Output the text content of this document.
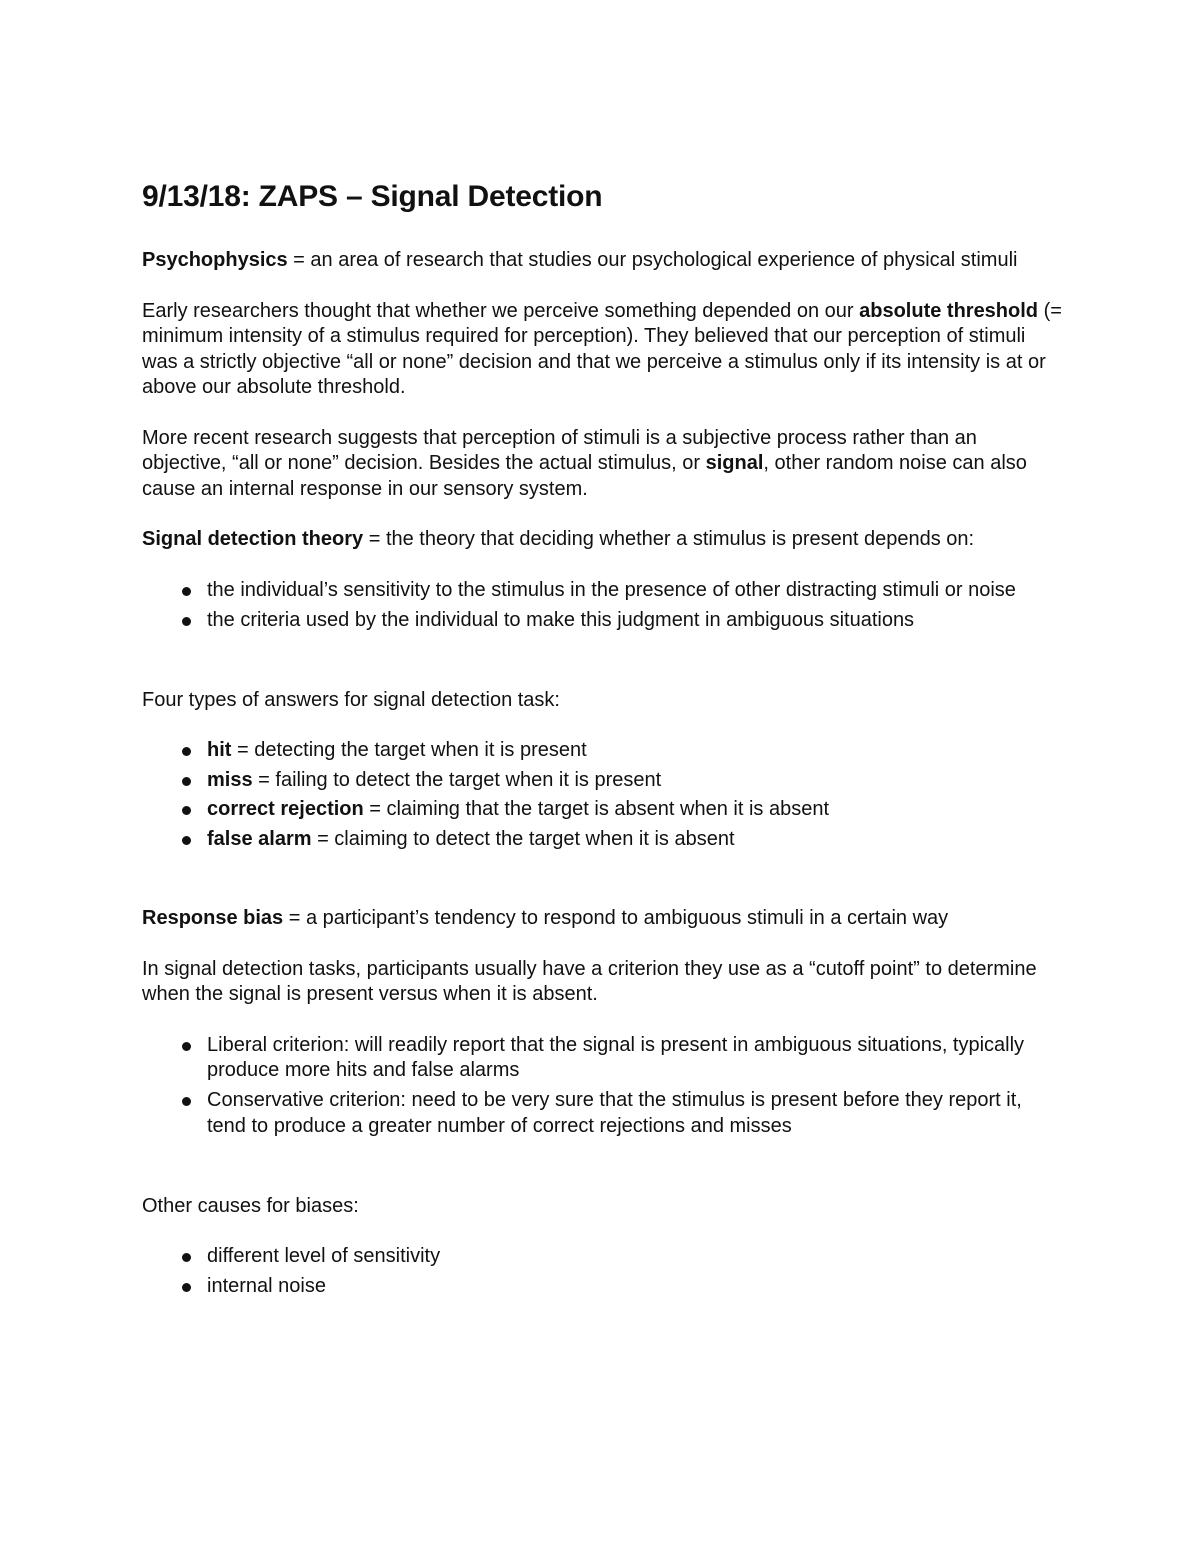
9/13/18: ZAPS – Signal Detection

Psychophysics = an area of research that studies our psychological experience of physical stimuli

Early researchers thought that whether we perceive something depended on our absolute threshold (= minimum intensity of a stimulus required for perception). They believed that our perception of stimuli was a strictly objective “all or none” decision and that we perceive a stimulus only if its intensity is at or above our absolute threshold.

More recent research suggests that perception of stimuli is a subjective process rather than an objective, “all or none” decision. Besides the actual stimulus, or signal, other random noise can also cause an internal response in our sensory system.

Signal detection theory = the theory that deciding whether a stimulus is present depends on:

the individual’s sensitivity to the stimulus in the presence of other distracting stimuli or noise
the criteria used by the individual to make this judgment in ambiguous situations

Four types of answers for signal detection task:

hit = detecting the target when it is present
miss = failing to detect the target when it is present
correct rejection = claiming that the target is absent when it is absent
false alarm = claiming to detect the target when it is absent

Response bias = a participant’s tendency to respond to ambiguous stimuli in a certain way

In signal detection tasks, participants usually have a criterion they use as a “cutoff point” to determine when the signal is present versus when it is absent.

Liberal criterion: will readily report that the signal is present in ambiguous situations, typically produce more hits and false alarms
Conservative criterion: need to be very sure that the stimulus is present before they report it, tend to produce a greater number of correct rejections and misses

Other causes for biases:

different level of sensitivity
internal noise
